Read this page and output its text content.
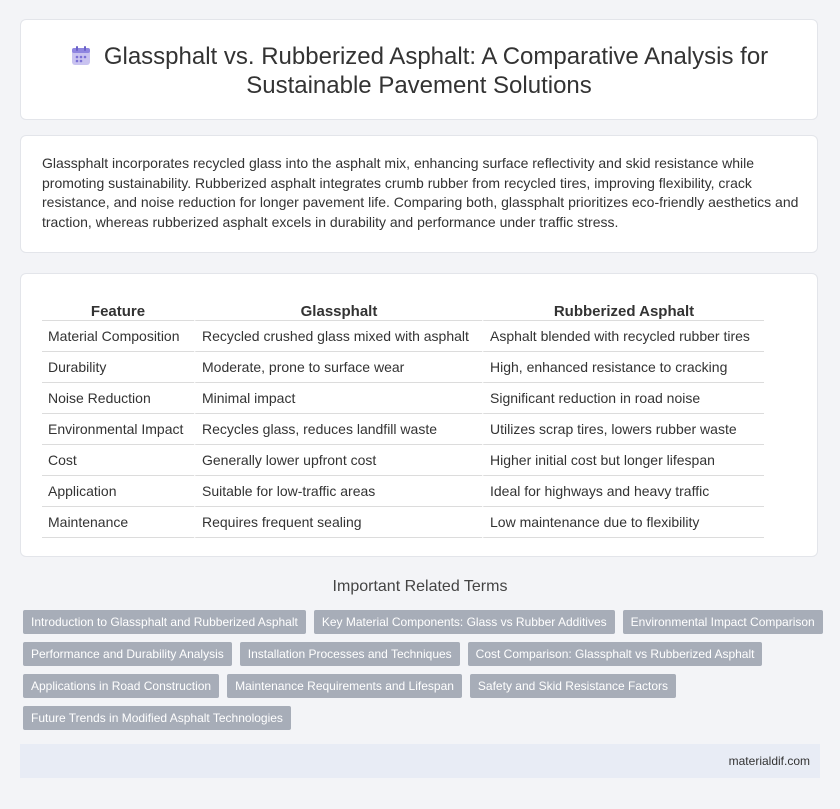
Glassphalt vs. Rubberized Asphalt: A Comparative Analysis for
Sustainable Pavement Solutions
Glassphalt incorporates recycled glass into the asphalt mix, enhancing surface reflectivity and skid resistance while promoting sustainability. Rubberized asphalt integrates crumb rubber from recycled tires, improving flexibility, crack resistance, and noise reduction for longer pavement life. Comparing both, glassphalt prioritizes eco-friendly aesthetics and traction, whereas rubberized asphalt excels in durability and performance under traffic stress.
Feature	Glassphalt	Rubberized Asphalt
Material Composition	Recycled crushed glass mixed with asphalt	Asphalt blended with recycled rubber tires
Durability	Moderate, prone to surface wear	High, enhanced resistance to cracking
Noise Reduction	Minimal impact	Significant reduction in road noise
Environmental Impact	Recycles glass, reduces landfill waste	Utilizes scrap tires, lowers rubber waste
Cost	Generally lower upfront cost	Higher initial cost but longer lifespan
Application	Suitable for low-traffic areas	Ideal for highways and heavy traffic
Maintenance	Requires frequent sealing	Low maintenance due to flexibility
Important Related Terms
Introduction to Glassphalt and Rubberized Asphalt	Key Material Components: Glass vs Rubber Additives	Environmental Impact Comparison
Performance and Durability Analysis	Installation Processes and Techniques	Cost Comparison: Glassphalt vs Rubberized Asphalt
Applications in Road Construction	Maintenance Requirements and Lifespan	Safety and Skid Resistance Factors
Future Trends in Modified Asphalt Technologies
materialdif.com
